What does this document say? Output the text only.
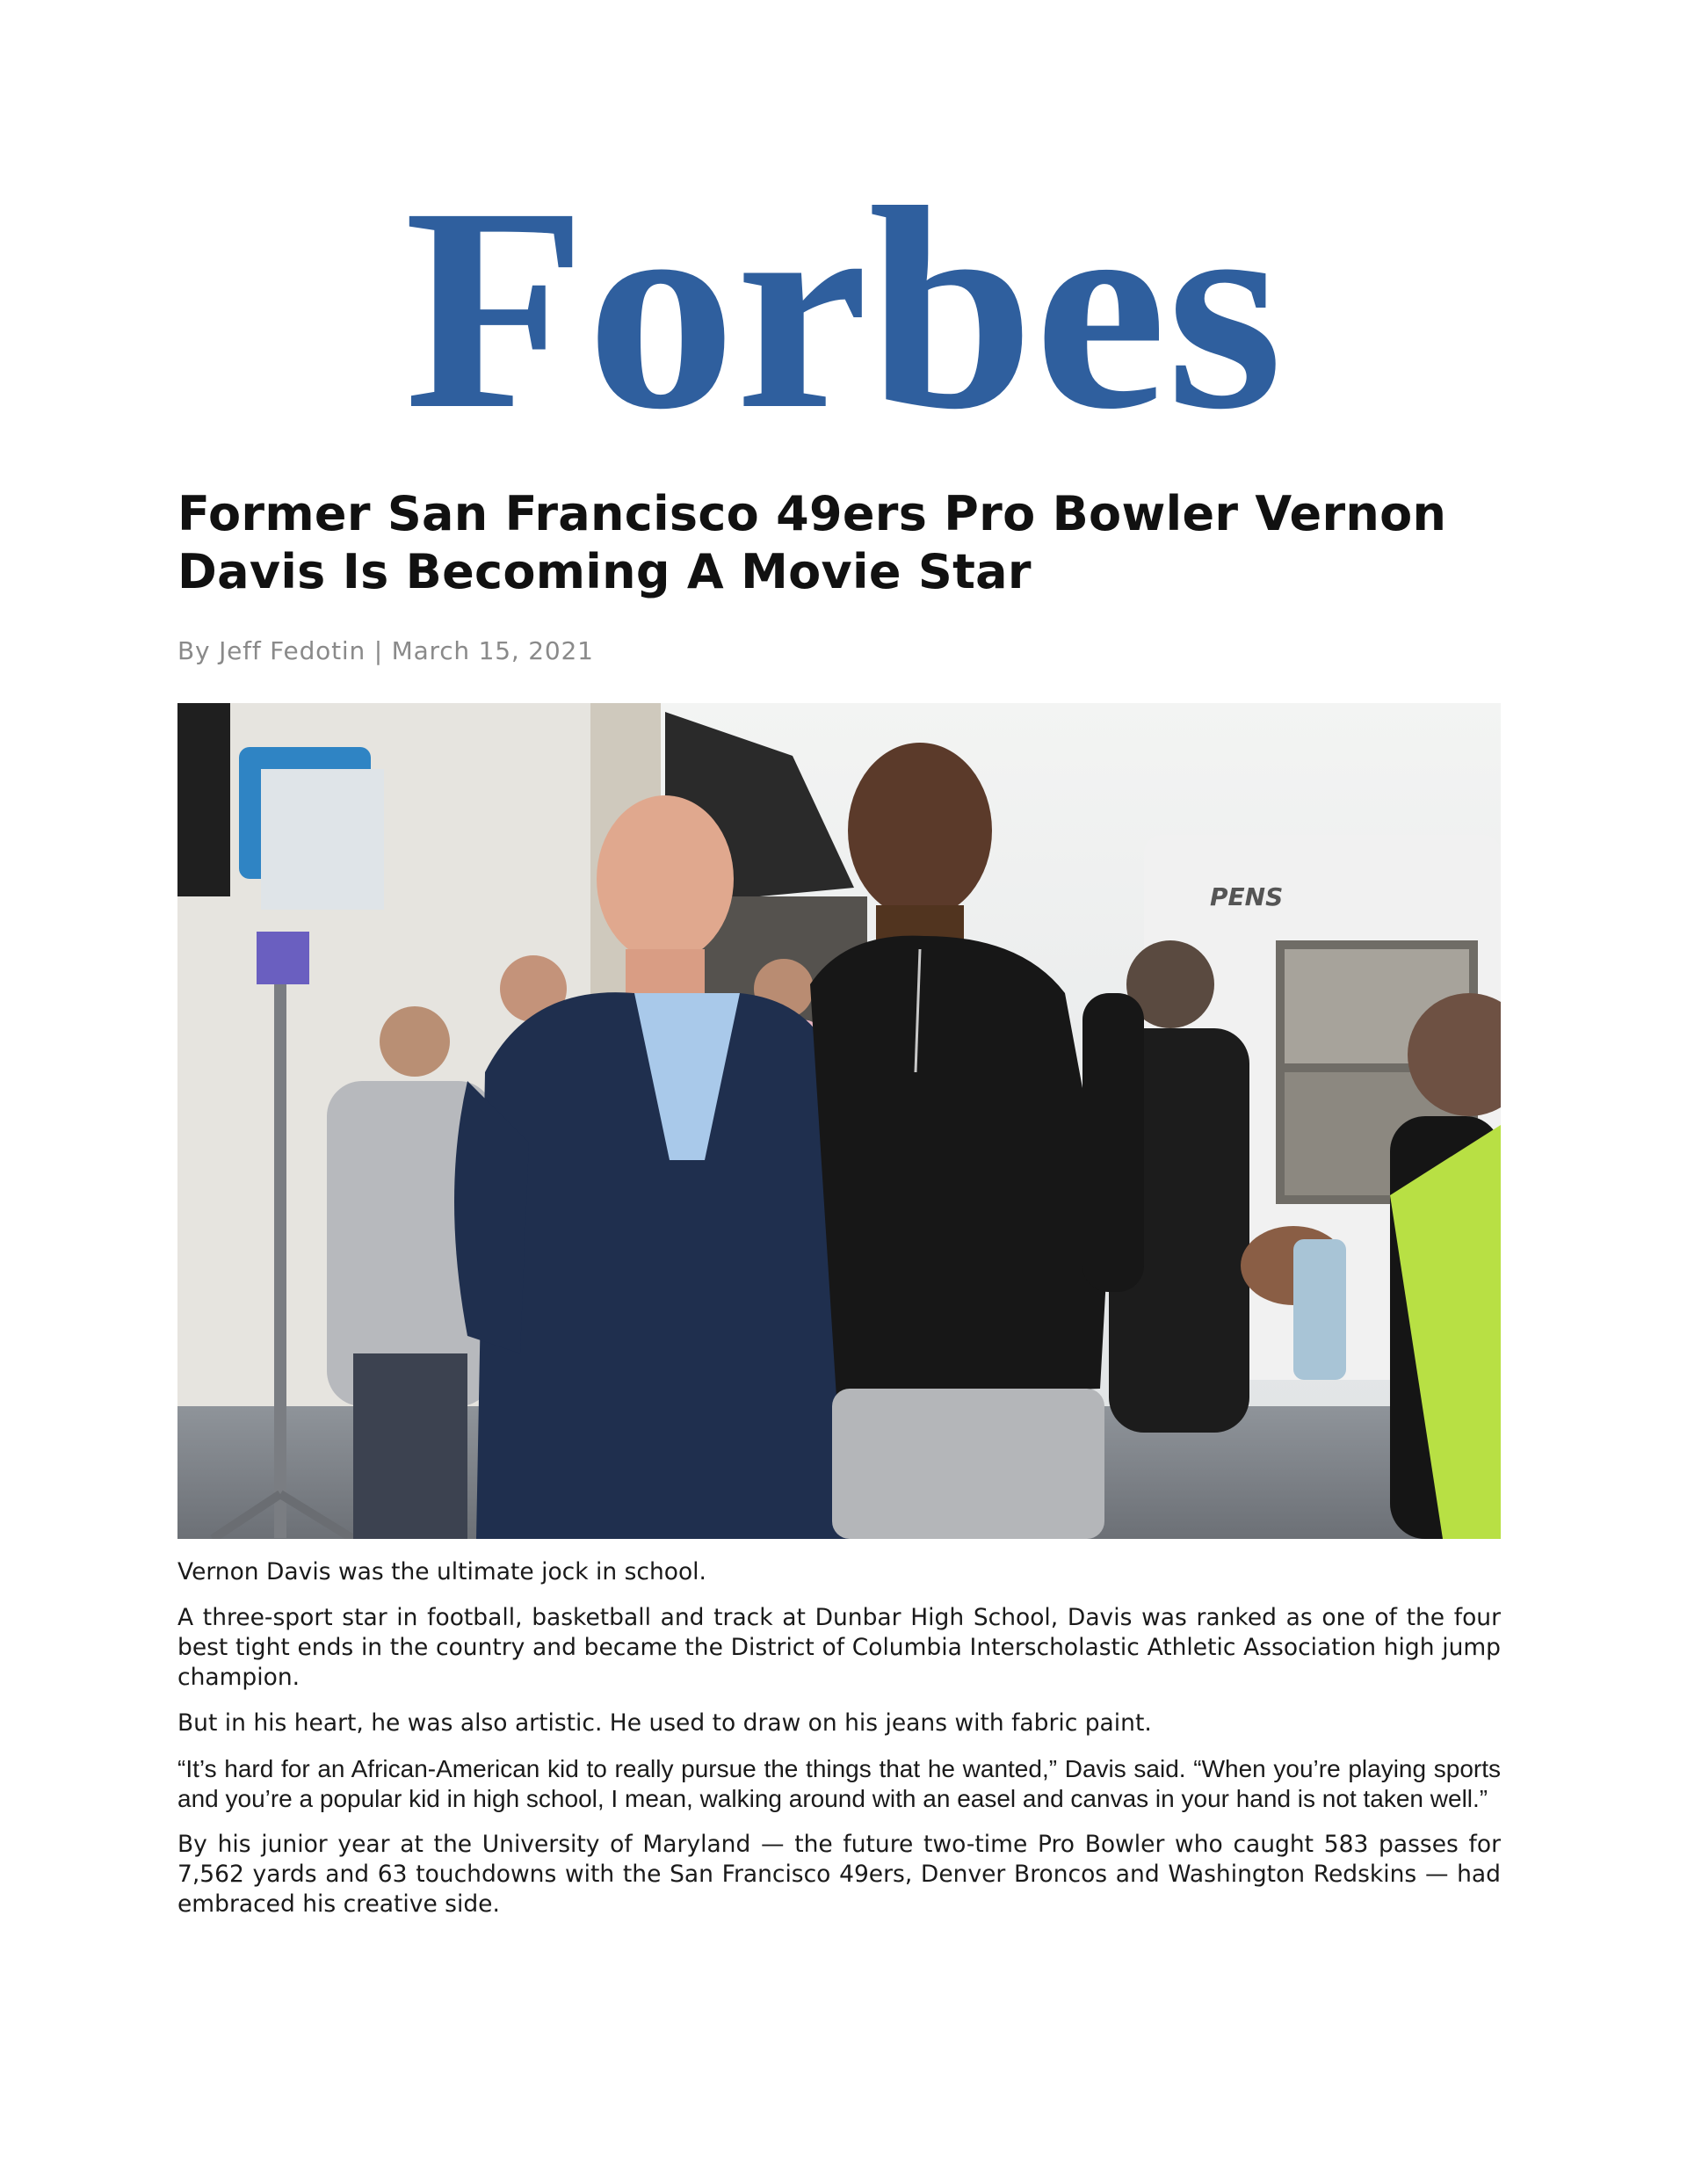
Forbes
Former San Francisco 49ers Pro Bowler Vernon Davis Is Becoming A Movie Star
By Jeff Fedotin | March 15, 2021
PENS

Vernon Davis was the ultimate jock in school.

A three-sport star in football, basketball and track at Dunbar High School, Davis was ranked as one of the four best tight ends in the country and became the District of Columbia Interscholastic Athletic Association high jump champion.

But in his heart, he was also artistic. He used to draw on his jeans with fabric paint.

“It’s hard for an African-American kid to really pursue the things that he wanted,” Davis said. “When you’re playing sports and you’re a popular kid in high school, I mean, walking around with an easel and canvas in your hand is not taken well.”

By his junior year at the University of Maryland — the future two-time Pro Bowler who caught 583 passes for 7,562 yards and 63 touchdowns with the San Francisco 49ers, Denver Broncos and Washington Redskins — had embraced his creative side.
